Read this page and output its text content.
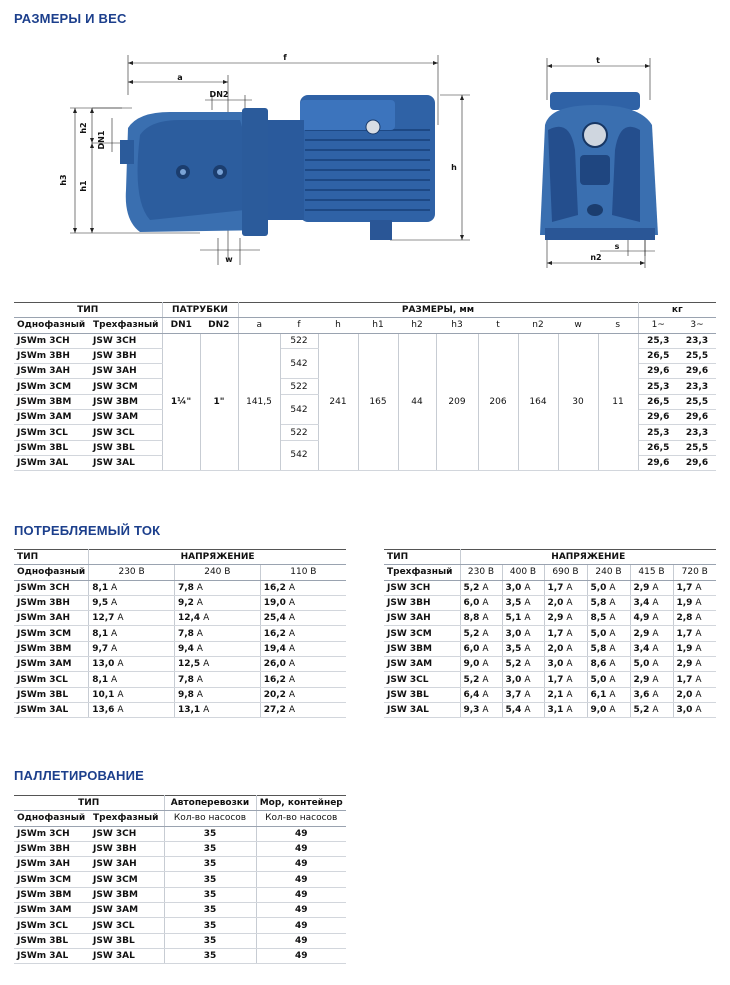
РАЗМЕРЫ И ВЕС
f
a
DN2
DN1
h2
h3
h1
h
w
t
s
n2
ТИП		ПАТРУБКИ		РАЗМЕРЫ, мм										кг	
Однофазный	Трехфазный	DN1	DN2	a	f	h	h1	h2	h3	t	n2	w	s	1~	3~
JSWm 3CH	JSW 3CH	1¼"	1"	141,5	522	241	165	44	209	206	164	30	11	25,3	23,3
JSWm 3BH	JSW 3BH				542									26,5	25,5
JSWm 3AH	JSW 3AH													29,6	29,6
JSWm 3CM	JSW 3CM				522									25,3	23,3
JSWm 3BM	JSW 3BM				542									26,5	25,5
JSWm 3AM	JSW 3AM													29,6	29,6
JSWm 3CL	JSW 3CL				522									25,3	23,3
JSWm 3BL	JSW 3BL				542									26,5	25,5
JSWm 3AL	JSW 3AL													29,6	29,6
ПОТРЕБЛЯЕМЫЙ ТОК
ТИП	НАПРЯЖЕНИЕ		
Однофазный	230 В	240 В	110 В
JSWm 3CH	8,1 A	7,8 A	16,2 A
JSWm 3BH	9,5 A	9,2 A	19,0 A
JSWm 3AH	12,7 A	12,4 A	25,4 A
JSWm 3CM	8,1 A	7,8 A	16,2 A
JSWm 3BM	9,7 A	9,4 A	19,4 A
JSWm 3AM	13,0 A	12,5 A	26,0 A
JSWm 3CL	8,1 A	7,8 A	16,2 A
JSWm 3BL	10,1 A	9,8 A	20,2 A
JSWm 3AL	13,6 A	13,1 A	27,2 A
ТИП	НАПРЯЖЕНИЕ					
Трехфазный	230 В	400 В	690 В	240 В	415 В	720 В
JSW 3CH	5,2 A	3,0 A	1,7 A	5,0 A	2,9 A	1,7 A
JSW 3BH	6,0 A	3,5 A	2,0 A	5,8 A	3,4 A	1,9 A
JSW 3AH	8,8 A	5,1 A	2,9 A	8,5 A	4,9 A	2,8 A
JSW 3CM	5,2 A	3,0 A	1,7 A	5,0 A	2,9 A	1,7 A
JSW 3BM	6,0 A	3,5 A	2,0 A	5,8 A	3,4 A	1,9 A
JSW 3AM	9,0 A	5,2 A	3,0 A	8,6 A	5,0 A	2,9 A
JSW 3CL	5,2 A	3,0 A	1,7 A	5,0 A	2,9 A	1,7 A
JSW 3BL	6,4 A	3,7 A	2,1 A	6,1 A	3,6 A	2,0 A
JSW 3AL	9,3 A	5,4 A	3,1 A	9,0 A	5,2 A	3,0 A
ПАЛЛЕТИРОВАНИЕ
ТИП		Автоперевозки	Мор, контейнер
Однофазный	Трехфазный	Кол-во насосов	Кол-во насосов
JSWm 3CH	JSW 3CH	35	49
JSWm 3BH	JSW 3BH	35	49
JSWm 3AH	JSW 3AH	35	49
JSWm 3CM	JSW 3CM	35	49
JSWm 3BM	JSW 3BM	35	49
JSWm 3AM	JSW 3AM	35	49
JSWm 3CL	JSW 3CL	35	49
JSWm 3BL	JSW 3BL	35	49
JSWm 3AL	JSW 3AL	35	49
